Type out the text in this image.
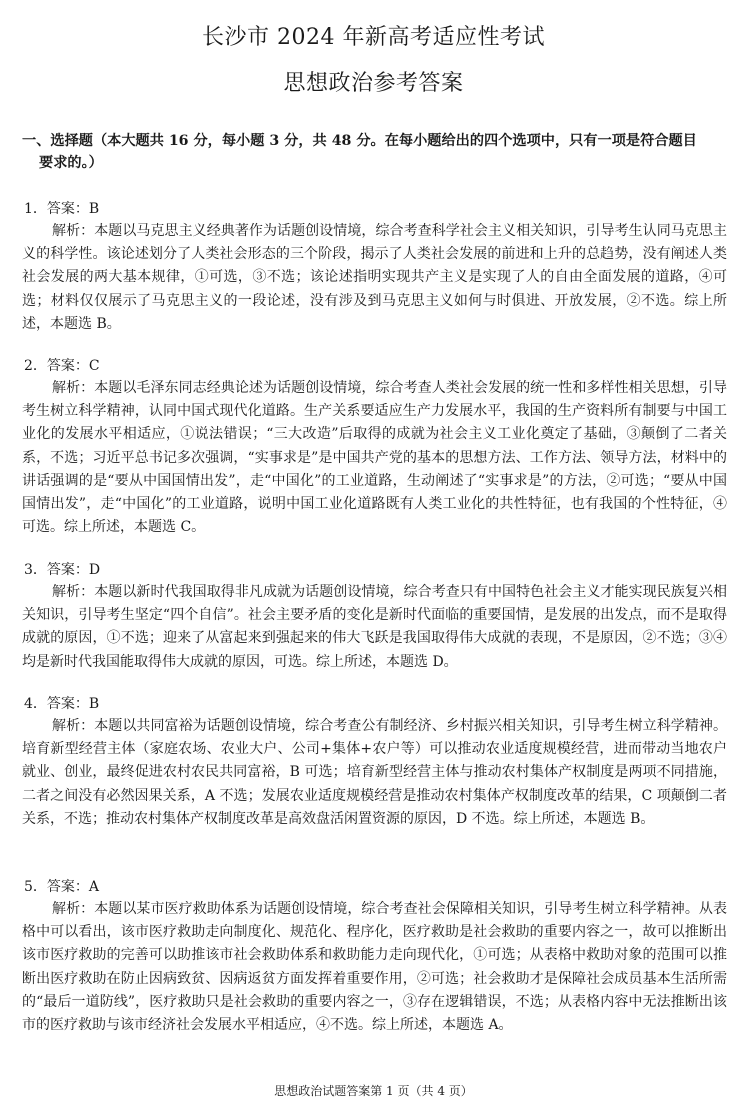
长沙市 2024 年新高考适应性考试
思想政治参考答案
一、选择题（本大题共 16 分，每小题 3 分，共 48 分。在每小题给出的四个选项中，只有一项是符合题目
要求的。）
1．答案：B

解析：本题以马克思主义经典著作为话题创设情境，综合考查科学社会主义相关知识，引导考生认同马克思主义的科学性。该论述划分了人类社会形态的三个阶段，揭示了人类社会发展的前进和上升的总趋势，没有阐述人类社会发展的两大基本规律，①可选，③不选；该论述指明实现共产主义是实现了人的自由全面发展的道路，④可选；材料仅仅展示了马克思主义的一段论述，没有涉及到马克思主义如何与时俱进、开放发展，②不选。综上所述，本题选 B。

2．答案：C

解析：本题以毛泽东同志经典论述为话题创设情境，综合考查人类社会发展的统一性和多样性相关思想，引导考生树立科学精神，认同中国式现代化道路。生产关系要适应生产力发展水平，我国的生产资料所有制要与中国工业化的发展水平相适应，①说法错误；“三大改造”后取得的成就为社会主义工业化奠定了基础，③颠倒了二者关系，不选；习近平总书记多次强调，“实事求是”是中国共产党的基本的思想方法、工作方法、领导方法，材料中的讲话强调的是“要从中国国情出发”，走“中国化”的工业道路，生动阐述了“实事求是”的方法，②可选；“要从中国国情出发”，走“中国化”的工业道路，说明中国工业化道路既有人类工业化的共性特征，也有我国的个性特征，④可选。综上所述，本题选 C。

3．答案：D

解析：本题以新时代我国取得非凡成就为话题创设情境，综合考查只有中国特色社会主义才能实现民族复兴相关知识，引导考生坚定“四个自信”。社会主要矛盾的变化是新时代面临的重要国情，是发展的出发点，而不是取得成就的原因，①不选；迎来了从富起来到强起来的伟大飞跃是我国取得伟大成就的表现，不是原因，②不选；③④均是新时代我国能取得伟大成就的原因，可选。综上所述，本题选 D。

4．答案：B

解析：本题以共同富裕为话题创设情境，综合考查公有制经济、乡村振兴相关知识，引导考生树立科学精神。培育新型经营主体（家庭农场、农业大户、公司+集体+农户等）可以推动农业适度规模经营，进而带动当地农户就业、创业，最终促进农村农民共同富裕，B 可选；培育新型经营主体与推动农村集体产权制度是两项不同措施，二者之间没有必然因果关系，A 不选；发展农业适度规模经营是推动农村集体产权制度改革的结果，C 项颠倒二者关系，不选；推动农村集体产权制度改革是高效盘活闲置资源的原因，D 不选。综上所述，本题选 B。

5．答案：A

解析：本题以某市医疗救助体系为话题创设情境，综合考查社会保障相关知识，引导考生树立科学精神。从表格中可以看出，该市医疗救助走向制度化、规范化、程序化，医疗救助是社会救助的重要内容之一，故可以推断出该市医疗救助的完善可以助推该市社会救助体系和救助能力走向现代化，①可选；从表格中救助对象的范围可以推断出医疗救助在防止因病致贫、因病返贫方面发挥着重要作用，②可选；社会救助才是保障社会成员基本生活所需的“最后一道防线”，医疗救助只是社会救助的重要内容之一，③存在逻辑错误，不选；从表格内容中无法推断出该市的医疗救助与该市经济社会发展水平相适应，④不选。综上所述，本题选 A。

思想政治试题答案第 1 页（共 4 页）
